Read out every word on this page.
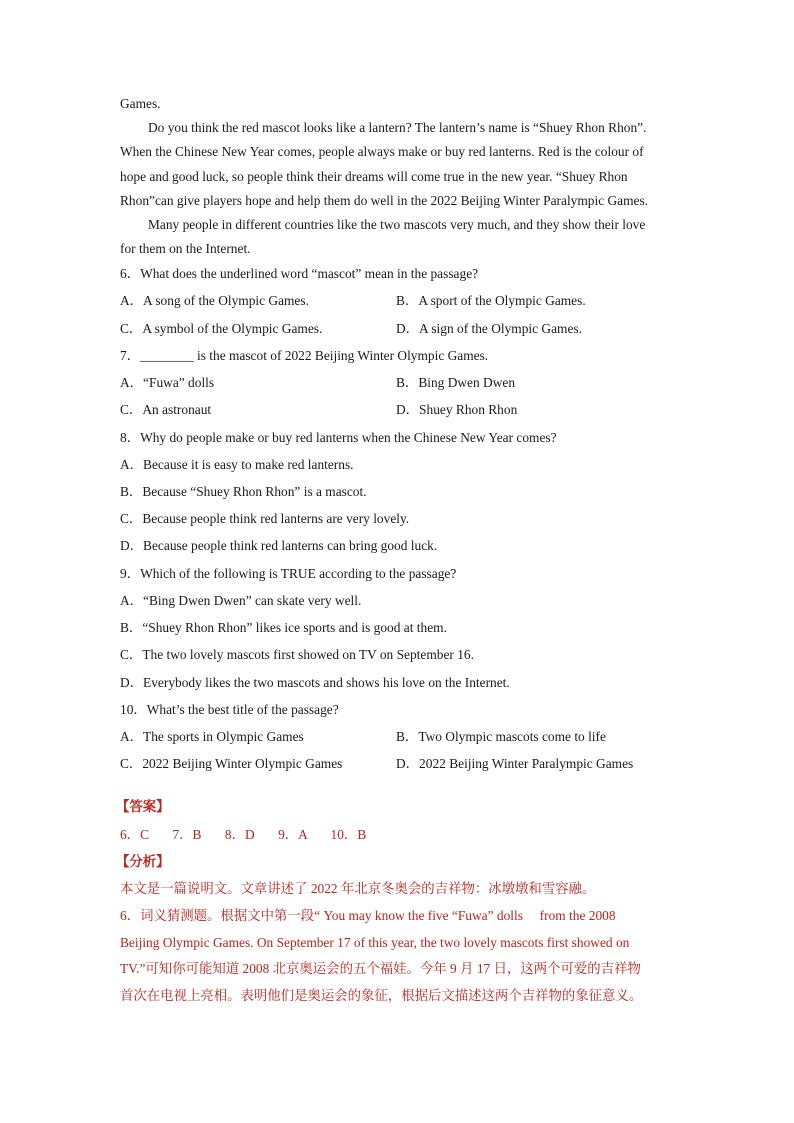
Games.
Do you think the red mascot looks like a lantern? The lantern’s name is “Shuey Rhon Rhon”.
When the Chinese New Year comes, people always make or buy red lanterns. Red is the colour of
hope and good luck, so people think their dreams will come true in the new year. “Shuey Rhon
Rhon”can give players hope and help them do well in the 2022 Beijing Winter Paralympic Games.
Many people in different countries like the two mascots very much, and they show their love
for them on the Internet.
6．What does the underlined word “mascot” mean in the passage?
A．A song of the Olympic Games.	B．A sport of the Olympic Games.
C．A symbol of the Olympic Games.	D．A sign of the Olympic Games.
7．________ is the mascot of 2022 Beijing Winter Olympic Games.
A．“Fuwa” dolls	B．Bing Dwen Dwen
C．An astronaut	D．Shuey Rhon Rhon
8．Why do people make or buy red lanterns when the Chinese New Year comes?
A．Because it is easy to make red lanterns.
B．Because “Shuey Rhon Rhon” is a mascot.
C．Because people think red lanterns are very lovely.
D．Because people think red lanterns can bring good luck.
9．Which of the following is TRUE according to the passage?
A．“Bing Dwen Dwen” can skate very well.
B．“Shuey Rhon Rhon” likes ice sports and is good at them.
C．The two lovely mascots first showed on TV on September 16.
D．Everybody likes the two mascots and shows his love on the Internet.
10．What’s the best title of the passage?
A．The sports in Olympic Games	B．Two Olympic mascots come to life
C．2022 Beijing Winter Olympic Games	D．2022 Beijing Winter Paralympic Games
【答案】
6．C       7．B       8．D       9．A       10．B
【分析】
本文是一篇说明文。文章讲述了 2022 年北京冬奥会的吉祥物：冰墩墩和雪容融。
6．词义猜测题。根据文中第一段“ You may know the five “Fuwa” dolls     from the 2008
Beijing Olympic Games. On September 17 of this year, the two lovely mascots first showed on
TV.”可知你可能知道 2008 北京奥运会的五个福娃。今年 9 月 17 日，这两个可爱的吉祥物
首次在电视上亮相。表明他们是奥运会的象征，根据后文描述这两个吉祥物的象征意义。
